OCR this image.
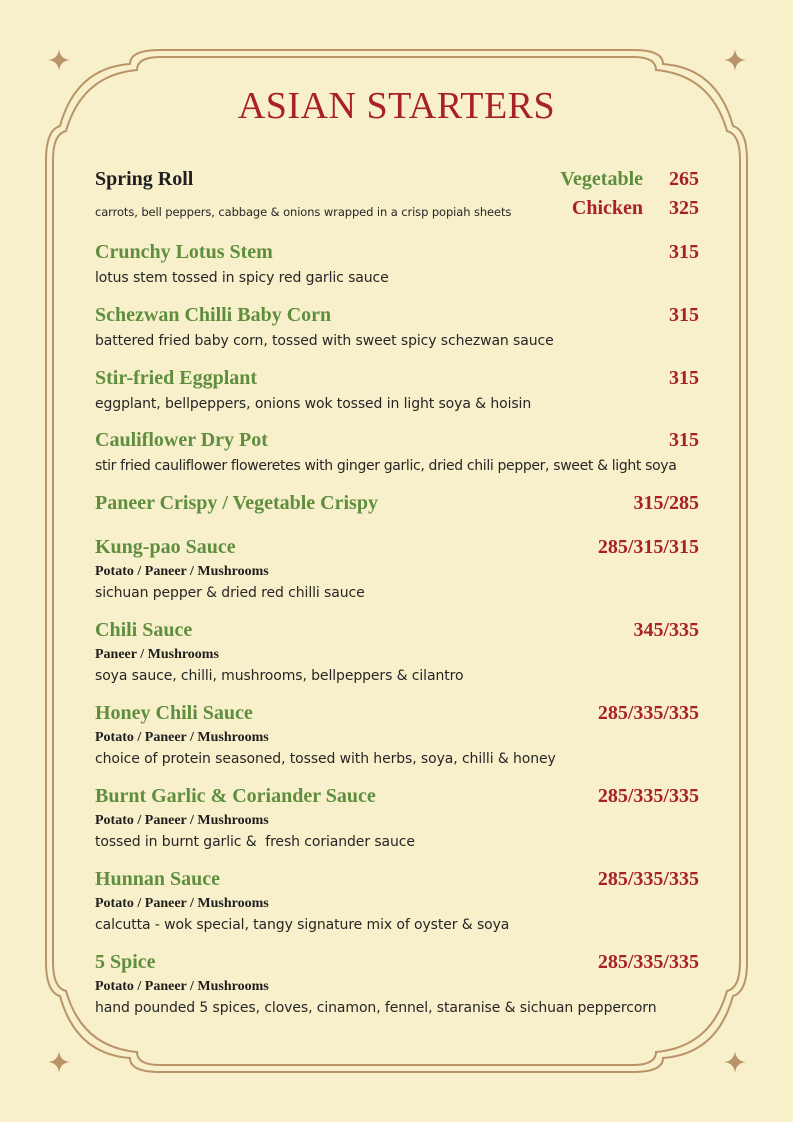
ASIAN STARTERS
Spring Roll
carrots, bell peppers, cabbage & onions wrapped in a crisp popiah sheets
Vegetable 265
Chicken 325
Crunchy Lotus Stem	315
lotus stem tossed in spicy red garlic sauce
Schezwan Chilli Baby Corn	315
battered fried baby corn, tossed with sweet spicy schezwan sauce
Stir-fried Eggplant	315
eggplant, bellpeppers, onions wok tossed in light soya & hoisin
Cauliflower Dry Pot	315
stir fried cauliflower floweretes with ginger garlic, dried chili pepper, sweet & light soya
Paneer Crispy / Vegetable Crispy	315/285
Kung-pao Sauce	285/315/315
Potato / Paneer / Mushrooms
sichuan pepper & dried red chilli sauce
Chili Sauce	345/335
Paneer / Mushrooms
soya sauce, chilli, mushrooms, bellpeppers & cilantro
Honey Chili Sauce	285/335/335
Potato / Paneer / Mushrooms
choice of protein seasoned, tossed with herbs, soya, chilli & honey
Burnt Garlic & Coriander Sauce	285/335/335
Potato / Paneer / Mushrooms
tossed in burnt garlic &  fresh coriander sauce
Hunnan Sauce	285/335/335
Potato / Paneer / Mushrooms
calcutta - wok special, tangy signature mix of oyster & soya
5 Spice	285/335/335
Potato / Paneer / Mushrooms
hand pounded 5 spices, cloves, cinamon, fennel, staranise & sichuan peppercorn
